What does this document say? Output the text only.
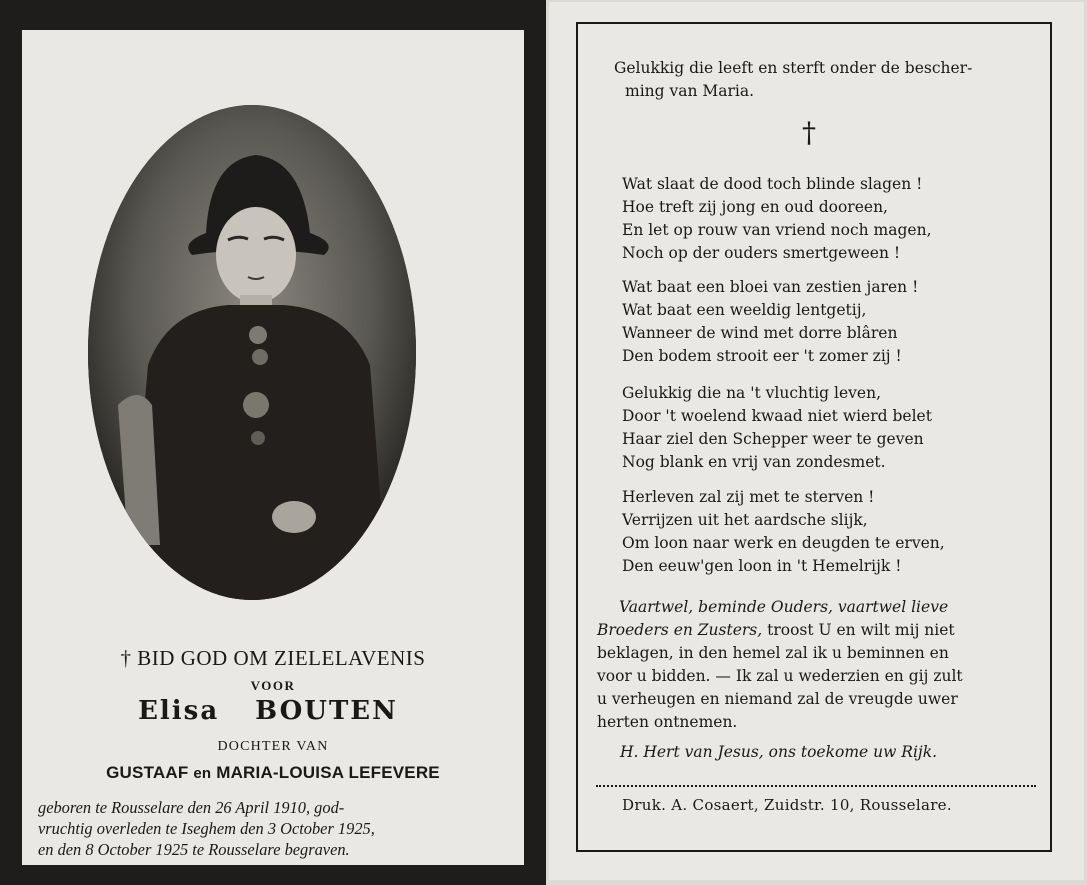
† BID GOD OM ZIELELAVENIS
VOOR
Elisa BOUTEN
DOCHTER VAN
GUSTAAF en MARIA-LOUISA LEFEVERE
geboren te Rousselare den 26 April 1910, god-
vruchtig overleden te Iseghem den 3 October 1925,
en den 8 October 1925 te Rousselare begraven.
Gelukkig die leeft en sterft onder de bescher-
ming van Maria.
†
Wat slaat de dood toch blinde slagen !
Hoe treft zij jong en oud dooreen,
En let op rouw van vriend noch magen,
Noch op der ouders smertgeween !
Wat baat een bloei van zestien jaren !
Wat baat een weeldig lentgetij,
Wanneer de wind met dorre blâren
Den bodem strooit eer 't zomer zij !
Gelukkig die na 't vluchtig leven,
Door 't woelend kwaad niet wierd belet
Haar ziel den Schepper weer te geven
Nog blank en vrij van zondesmet.
Herleven zal zij met te sterven !
Verrijzen uit het aardsche slijk,
Om loon naar werk en deugden te erven,
Den eeuw'gen loon in 't Hemelrijk !
Vaartwel, beminde Ouders, vaartwel lieve
Broeders en Zusters, troost U en wilt mij niet
beklagen, in den hemel zal ik u beminnen en
voor u bidden. — Ik zal u wederzien en gij zult
u verheugen en niemand zal de vreugde uwer
herten ontnemen.
H. Hert van Jesus, ons toekome uw Rijk.
Druk. A. Cosaert, Zuidstr. 10, Rousselare.
